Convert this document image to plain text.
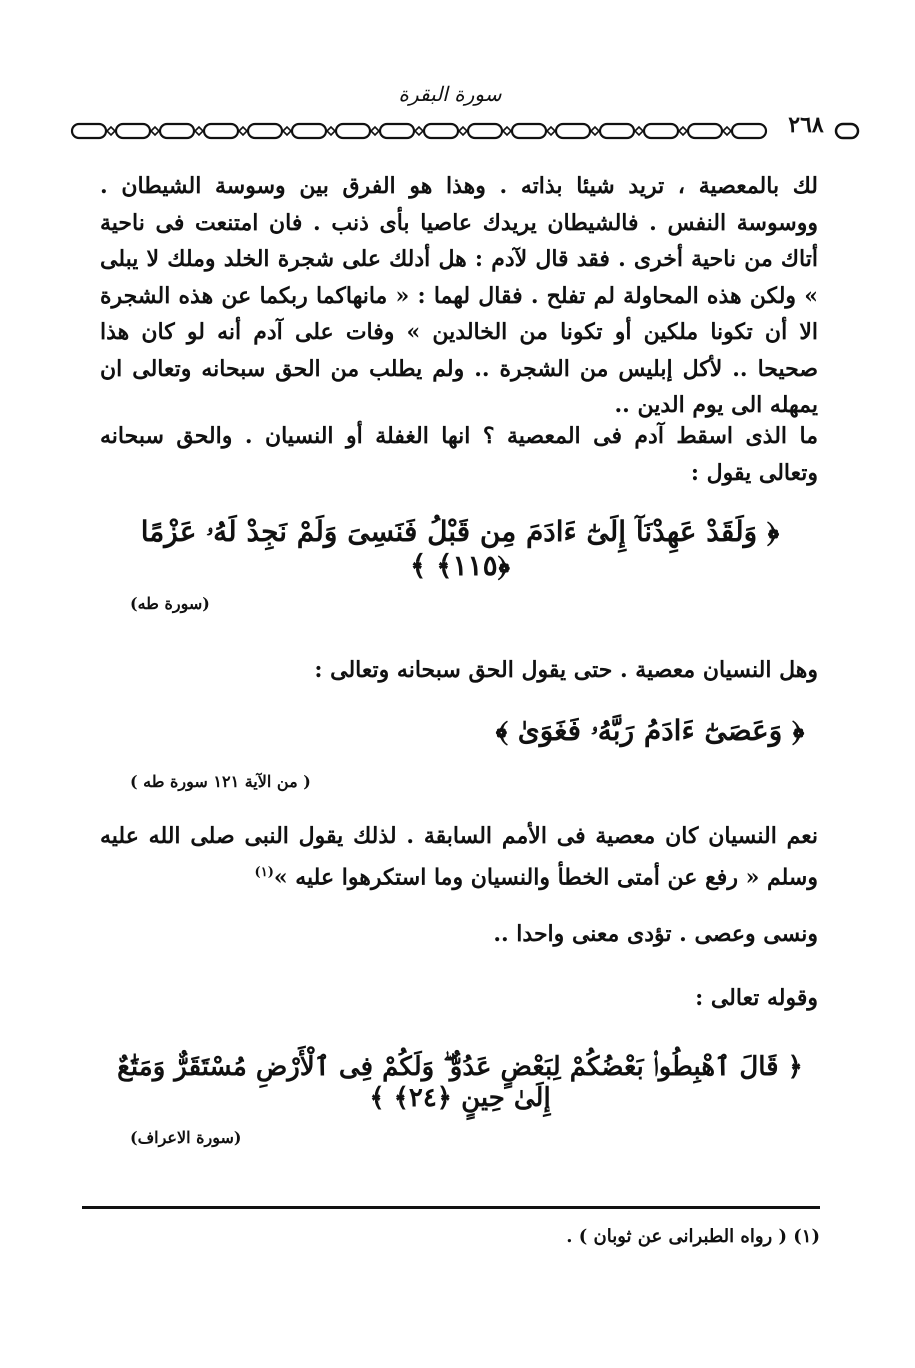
سورة البقرة
٢٦٨
لك بالمعصية ، تريد شيئا بذاته . وهذا هو الفرق بين وسوسة الشيطان . ووسوسة النفس . فالشيطان يريدك عاصيا بأى ذنب . فان امتنعت فى ناحية أتاك من ناحية أخرى . فقد قال لآدم : هل أدلك على شجرة الخلد وملك لا يبلى » ولكن هذه المحاولة لم تفلح . فقال لهما : « مانهاكما ربكما عن هذه الشجرة الا أن تكونا ملكين أو تكونا من الخالدين » وفات على آدم أنه لو كان هذا صحيحا .. لأكل إبليس من الشجرة .. ولم يطلب من الحق سبحانه وتعالى ان يمهله الى يوم الدين ..
ما الذى اسقط آدم فى المعصية ؟ انها الغفلة أو النسيان . والحق سبحانه وتعالى يقول :
﴿ وَلَقَدْ عَهِدْنَآ إِلَىٰٓ ءَادَمَ مِن قَبْلُ فَنَسِىَ وَلَمْ نَجِدْ لَهُۥ عَزْمًا ﴿١١٥﴾ ﴾
(سورة طه)
وهل النسيان معصية . حتى يقول الحق سبحانه وتعالى :
﴿ وَعَصَىٰٓ ءَادَمُ رَبَّهُۥ فَغَوَىٰ ﴾
( من الآية ١٢١ سورة طه )
نعم النسيان كان معصية فى الأمم السابقة . لذلك يقول النبى صلى الله عليه وسلم « رفع عن أمتى الخطأ والنسيان وما استكرهوا عليه »$^{(١)}$
ونسى وعصى . تؤدى معنى واحدا ..
وقوله تعالى :
﴿ قَالَ ٱهْبِطُوا۟ بَعْضُكُمْ لِبَعْضٍ عَدُوٌّ ۖ وَلَكُمْ فِى ٱلْأَرْضِ مُسْتَقَرٌّ وَمَتَٰعٌ إِلَىٰ حِينٍ ﴿٢٤﴾ ﴾
(سورة الاعراف)
(١) ( رواه الطبرانى عن ثوبان ) .
